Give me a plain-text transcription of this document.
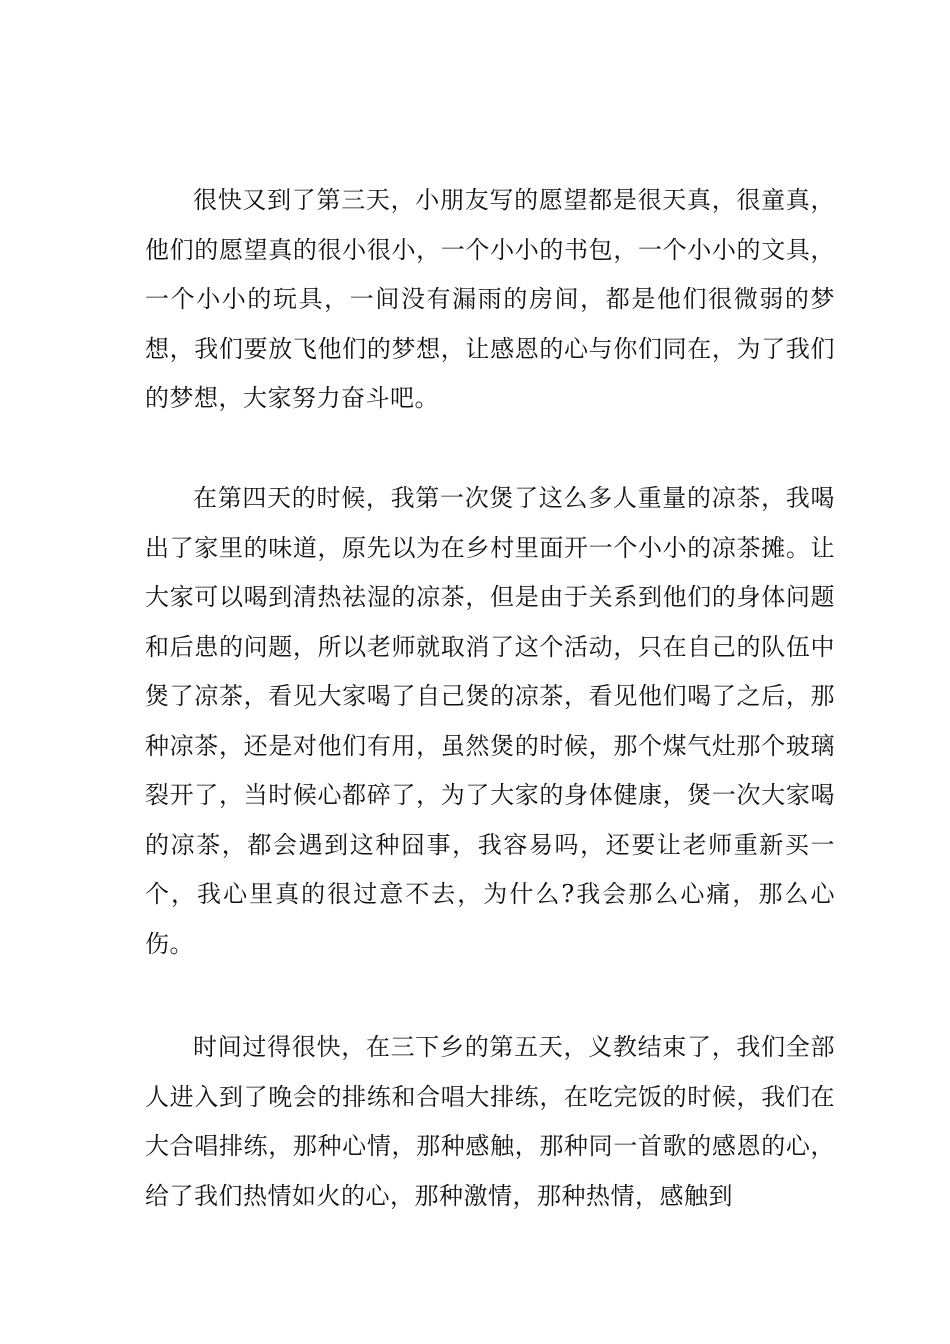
很快又到了第三天，小朋友写的愿望都是很天真，很童真，他们的愿望真的很小很小，一个小小的书包，一个小小的文具，一个小小的玩具，一间没有漏雨的房间，都是他们很微弱的梦想，我们要放飞他们的梦想，让感恩的心与你们同在，为了我们的梦想，大家努力奋斗吧。

在第四天的时候，我第一次煲了这么多人重量的凉茶，我喝出了家里的味道，原先以为在乡村里面开一个小小的凉茶摊。让大家可以喝到清热祛湿的凉茶，但是由于关系到他们的身体问题和后患的问题，所以老师就取消了这个活动，只在自己的队伍中煲了凉茶，看见大家喝了自己煲的凉茶，看见他们喝了之后，那种凉茶，还是对他们有用，虽然煲的时候，那个煤气灶那个玻璃裂开了，当时候心都碎了，为了大家的身体健康，煲一次大家喝的凉茶，都会遇到这种囧事，我容易吗，还要让老师重新买一个，我心里真的很过意不去，为什么?我会那么心痛，那么心伤。

时间过得很快，在三下乡的第五天，义教结束了，我们全部人进入到了晚会的排练和合唱大排练，在吃完饭的时候，我们在大合唱排练，那种心情，那种感触，那种同一首歌的感恩的心，给了我们热情如火的心，那种激情，那种热情，感触到
